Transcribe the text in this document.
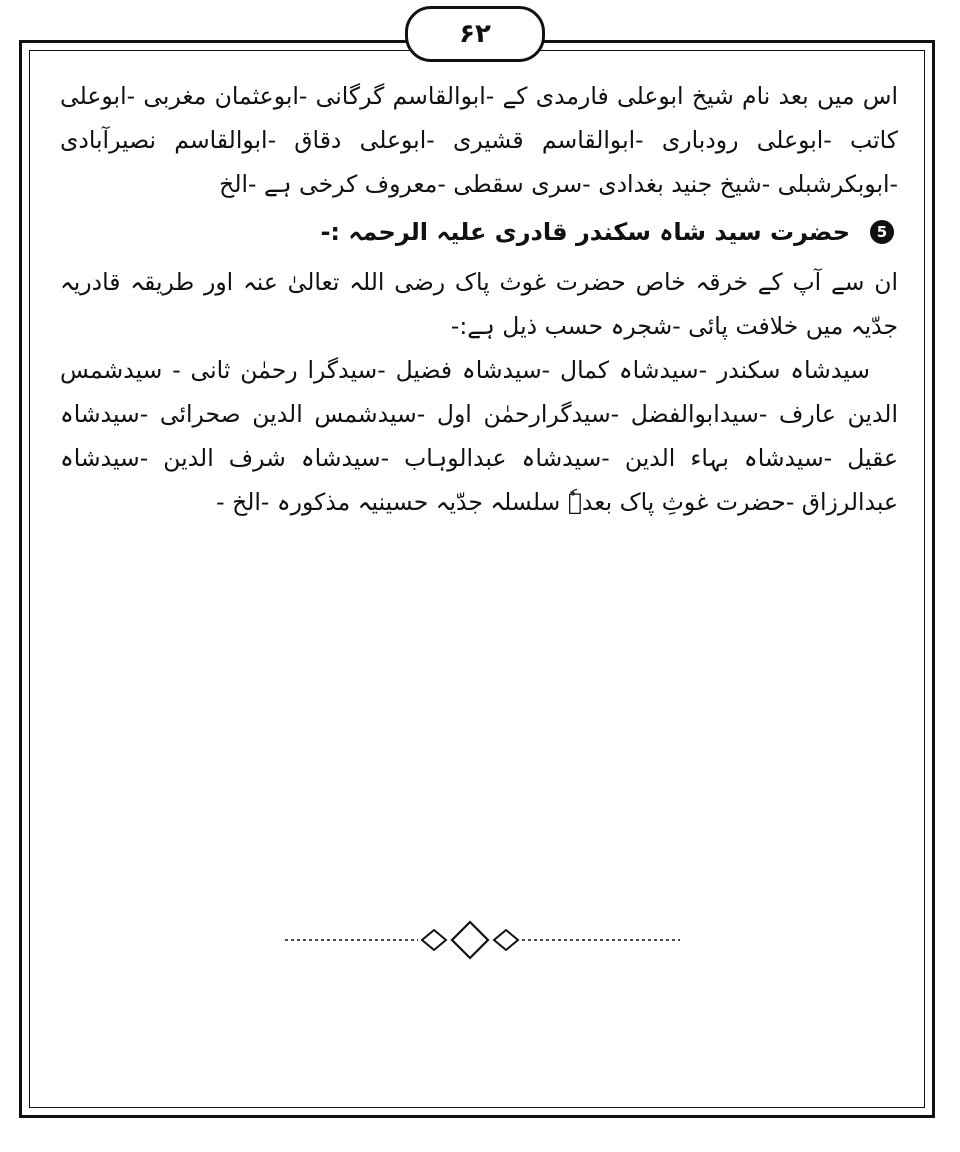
۶۲

اس میں بعد نام شیخ ابوعلی فارمدی کے -ابوالقاسم گرگانی -ابوعثمان مغربی -ابوعلی کاتب -ابوعلی رودباری -ابوالقاسم قشیری -ابوعلی دقاق -ابوالقاسم نصیرآبادی -ابوبکرشبلی -شیخ جنید بغدادی -سری سقطی -معروف کرخی ہے -الخ

5
حضرت سید شاہ سکندر قادری علیہ الرحمہ :-

ان سے آپ کے خرقہ خاص حضرت غوث پاک رضی اللہ تعالیٰ عنہ اور طریقہ قادریہ جدّیہ میں خلافت پائی -شجرہ حسب ذیل ہے:-

سیدشاہ سکندر -سیدشاہ کمال -سیدشاہ فضیل -سیدگرا رحمٰن ثانی - سیدشمس الدین عارف -سیدابوالفضل -سیدگرارحمٰن اول -سیدشمس الدین صحرائی -سیدشاہ عقیل -سیدشاہ بہاء الدین -سیدشاہ عبدالوہاب -سیدشاہ شرف الدین -سیدشاہ عبدالرزاق -حضرت غوثِ پاک بعدہٗ سلسلہ جدّیہ حسینیہ مذکورہ -الخ -
